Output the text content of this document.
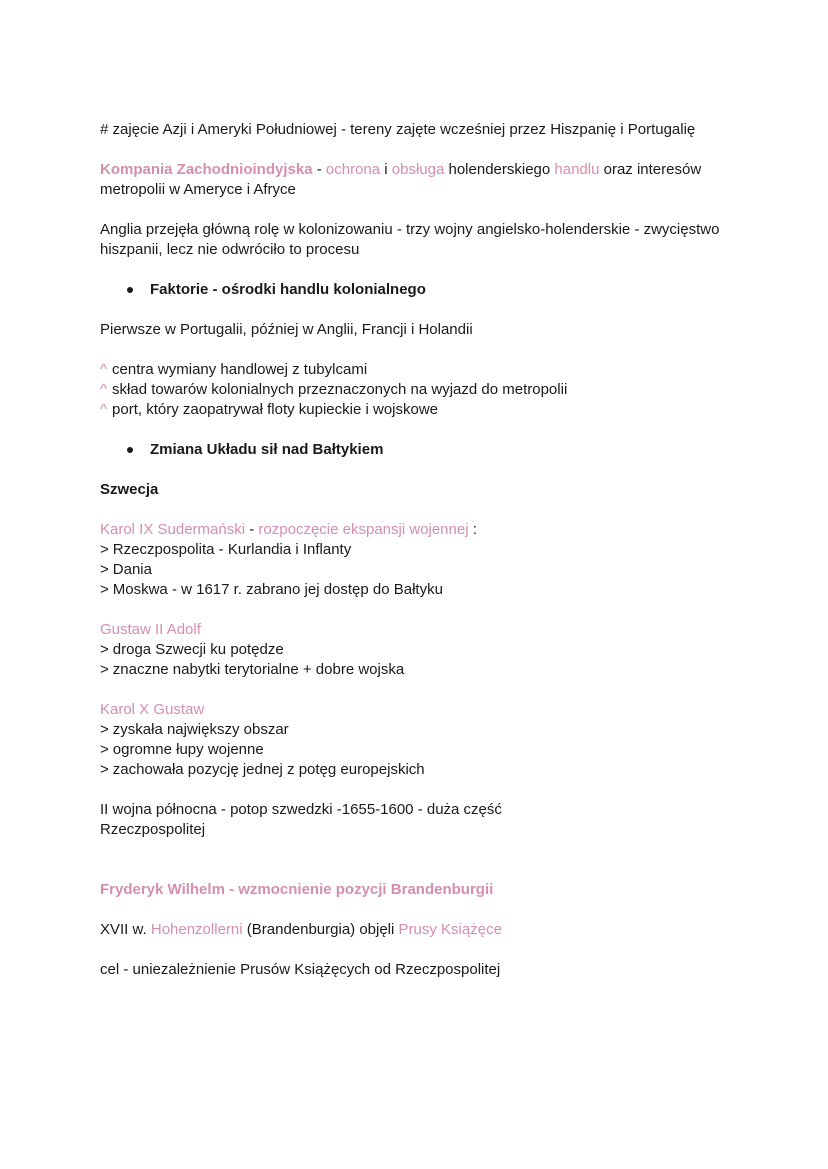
# zajęcie Azji i Ameryki Południowej - tereny zajęte wcześniej przez Hiszpanię i Portugalię

Kompania Zachodnioindyjska - ochrona i obsługa holenderskiego handlu oraz interesów metropolii w Ameryce i Afryce

Anglia przejęła główną rolę w kolonizowaniu - trzy wojny angielsko-holenderskie - zwycięstwo hiszpanii, lecz nie odwróciło to procesu

Faktorie - ośrodki handlu kolonialnego

Pierwsze w Portugalii, później w Anglii, Francji i Holandii

^ centra wymiany handlowej z tubylcami

^ skład towarów kolonialnych przeznaczonych na wyjazd do metropolii

^ port, który zaopatrywał floty kupieckie i wojskowe

Zmiana Układu sił nad Bałtykiem

Szwecja

Karol IX Sudermański - rozpoczęcie ekspansji wojennej :

> Rzeczpospolita - Kurlandia i Inflanty

> Dania

> Moskwa - w 1617 r. zabrano jej dostęp do Bałtyku

Gustaw II Adolf

> droga Szwecji ku potędze

> znaczne nabytki terytorialne + dobre wojska

Karol X Gustaw

> zyskała największy obszar

> ogromne łupy wojenne

> zachowała pozycję jednej z potęg europejskich

II wojna północna - potop szwedzki -1655-1600 - duża część Rzeczpospolitej

Fryderyk Wilhelm - wzmocnienie pozycji Brandenburgii

XVII w. Hohenzollerni (Brandenburgia) objęli Prusy Książęce

cel - uniezależnienie Prusów Książęcych od Rzeczpospolitej
